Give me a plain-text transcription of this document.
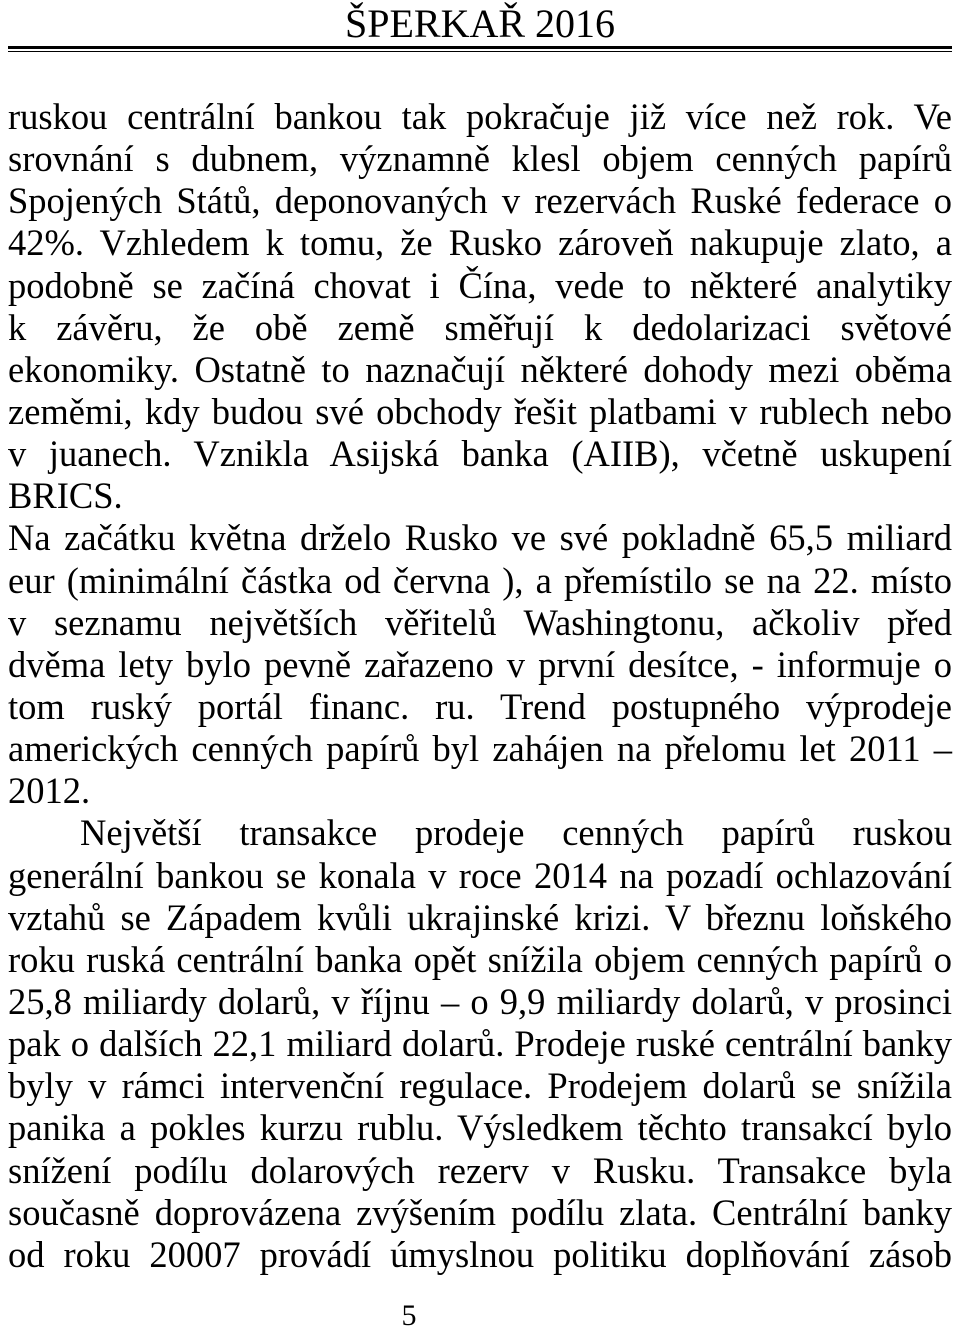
ŠPERKAŘ 2016
ruskou centrální bankou tak pokračuje již více než rok. Ve
srovnání s dubnem, významně klesl objem cenných papírů
Spojených Států, deponovaných v rezervách Ruské federace o
42%. Vzhledem k tomu, že Rusko zároveň nakupuje zlato, a
podobně se začíná chovat i Čína, vede to některé analytiky
k závěru, že obě země směřují k dedolarizaci světové
ekonomiky. Ostatně to naznačují některé dohody mezi oběma
zeměmi, kdy budou své obchody řešit platbami v rublech nebo
v juanech. Vznikla Asijská banka (AIIB), včetně uskupení
BRICS.
Na začátku května drželo Rusko ve své pokladně 65,5 miliard
eur (minimální částka od června ), a přemístilo se na 22. místo
v seznamu největších věřitelů Washingtonu, ačkoliv před
dvěma lety bylo pevně zařazeno v první desítce, - informuje o
tom ruský portál financ. ru. Trend postupného výprodeje
amerických cenných papírů byl zahájen na přelomu let 2011 –
2012.
Největší transakce prodeje cenných papírů ruskou
generální bankou se konala v roce 2014 na pozadí ochlazování
vztahů se Západem kvůli ukrajinské krizi. V březnu loňského
roku ruská centrální banka opět snížila objem cenných papírů o
25,8 miliardy dolarů, v říjnu – o 9,9 miliardy dolarů, v prosinci
pak o dalších 22,1 miliard dolarů. Prodeje ruské centrální banky
byly v rámci intervenční regulace. Prodejem dolarů se snížila
panika a pokles kurzu rublu. Výsledkem těchto transakcí bylo
snížení podílu dolarových rezerv v Rusku. Transakce byla
současně doprovázena zvýšením podílu zlata. Centrální banky
od roku 20007 provádí úmyslnou politiku doplňování zásob
5
